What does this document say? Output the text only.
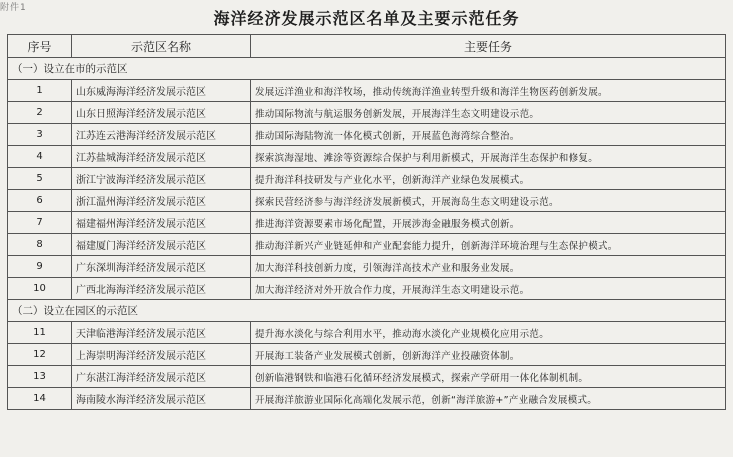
附件1
海洋经济发展示范区名单及主要示范任务
序号	示范区名称	主要任务
（一）设立在市的示范区		
1	山东威海海洋经济发展示范区	发展远洋渔业和海洋牧场，推动传统海洋渔业转型升级和海洋生物医药创新发展。
2	山东日照海洋经济发展示范区	推动国际物流与航运服务创新发展，开展海洋生态文明建设示范。
3	江苏连云港海洋经济发展示范区	推动国际海陆物流一体化模式创新，开展蓝色海湾综合整治。
4	江苏盐城海洋经济发展示范区	探索滨海湿地、滩涂等资源综合保护与利用新模式，开展海洋生态保护和修复。
5	浙江宁波海洋经济发展示范区	提升海洋科技研发与产业化水平，创新海洋产业绿色发展模式。
6	浙江温州海洋经济发展示范区	探索民营经济参与海洋经济发展新模式，开展海岛生态文明建设示范。
7	福建福州海洋经济发展示范区	推进海洋资源要素市场化配置，开展涉海金融服务模式创新。
8	福建厦门海洋经济发展示范区	推动海洋新兴产业链延伸和产业配套能力提升，创新海洋环境治理与生态保护模式。
9	广东深圳海洋经济发展示范区	加大海洋科技创新力度，引领海洋高技术产业和服务业发展。
10	广西北海海洋经济发展示范区	加大海洋经济对外开放合作力度，开展海洋生态文明建设示范。
（二）设立在园区的示范区		
11	天津临港海洋经济发展示范区	提升海水淡化与综合利用水平，推动海水淡化产业规模化应用示范。
12	上海崇明海洋经济发展示范区	开展海工装备产业发展模式创新，创新海洋产业投融资体制。
13	广东湛江海洋经济发展示范区	创新临港钢铁和临港石化循环经济发展模式，探索产学研用一体化体制机制。
14	海南陵水海洋经济发展示范区	开展海洋旅游业国际化高端化发展示范，创新“海洋旅游+”产业融合发展模式。
